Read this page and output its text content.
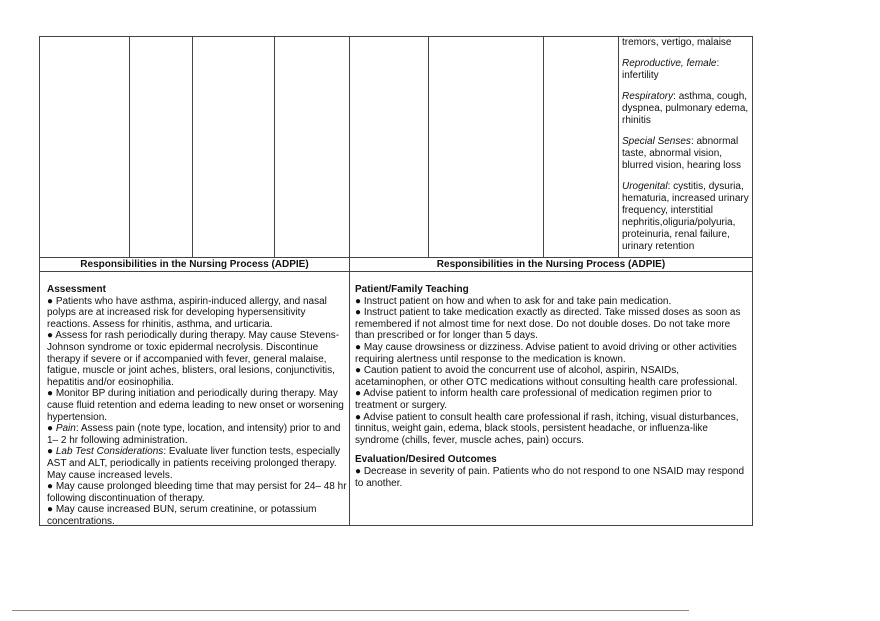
tremors, vertigo, malaise

Reproductive, female: infertility

Respiratory: asthma, cough, dyspnea, pulmonary edema, rhinitis

Special Senses: abnormal taste, abnormal vision, blurred vision, hearing loss

Urogenital: cystitis, dysuria, hematuria, increased urinary frequency, interstitial nephritis,oliguria/polyuria, proteinuria, renal failure, urinary retention

Responsibilities in the Nursing Process (ADPIE)	Responsibilities in the Nursing Process (ADPIE)

Assessment

● Patients who have asthma, aspirin-induced allergy, and nasal polyps are at increased risk for developing hypersensitivity reactions. Assess for rhinitis, asthma, and urticaria.

● Assess for rash periodically during therapy. May cause Stevens-Johnson syndrome or toxic epidermal necrolysis. Discontinue therapy if severe or if accompanied with fever, general malaise, fatigue, muscle or joint aches, blisters, oral lesions, conjunctivitis, hepatitis and/or eosinophilia.

● Monitor BP during initiation and periodically during therapy. May cause fluid retention and edema leading to new onset or worsening hypertension.

● Pain: Assess pain (note type, location, and intensity) prior to and 1– 2 hr following administration.

● Lab Test Considerations: Evaluate liver function tests, especially AST and ALT, periodically in patients receiving prolonged therapy. May cause increased levels.

● May cause prolonged bleeding time that may persist for 24– 48 hr following discontinuation of therapy.

● May cause increased BUN, serum creatinine, or potassium concentrations.

Patient/Family Teaching

● Instruct patient on how and when to ask for and take pain medication.

● Instruct patient to take medication exactly as directed. Take missed doses as soon as remembered if not almost time for next dose. Do not double doses. Do not take more than prescribed or for longer than 5 days.

● May cause drowsiness or dizziness. Advise patient to avoid driving or other activities requiring alertness until response to the medication is known.

● Caution patient to avoid the concurrent use of alcohol, aspirin, NSAIDs, acetaminophen, or other OTC medications without consulting health care professional.

● Advise patient to inform health care professional of medication regimen prior to treatment or surgery.

● Advise patient to consult health care professional if rash, itching, visual disturbances, tinnitus, weight gain, edema, black stools, persistent headache, or influenza-like syndrome (chills, fever, muscle aches, pain) occurs.

Evaluation/Desired Outcomes

● Decrease in severity of pain. Patients who do not respond to one NSAID may respond to another.
